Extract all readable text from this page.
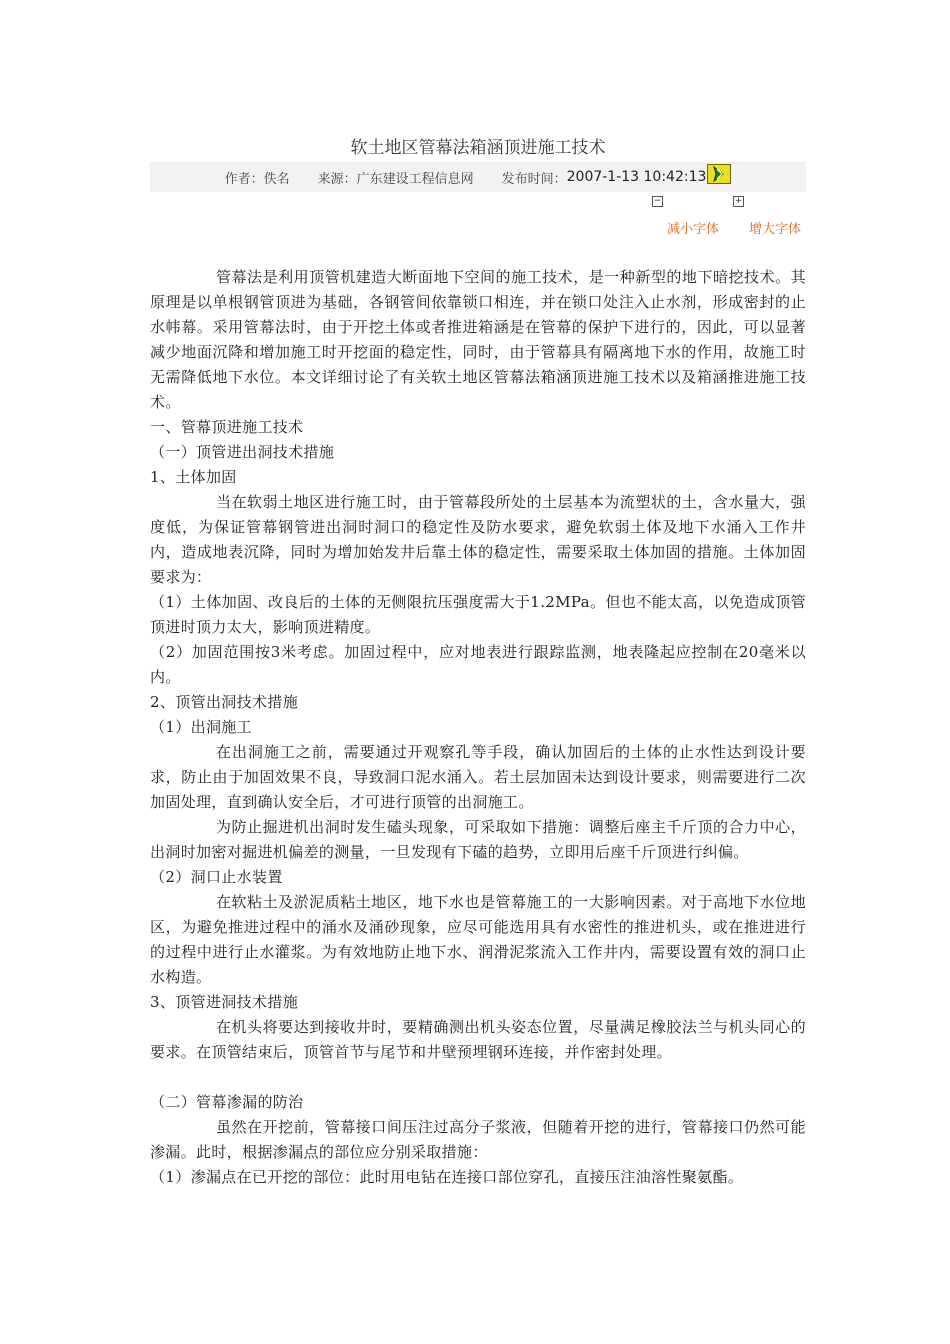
软土地区管幕法箱涵顶进施工技术
作者：佚名 来源：广东建设工程信息网 发布时间： 2007-1-13 10:42:13
−
减小字体
+
增大字体

管幕法是利用顶管机建造大断面地下空间的施工技术，是一种新型的地下暗挖技术。其原理是以单根钢管顶进为基础，各钢管间依靠锁口相连，并在锁口处注入止水剂，形成密封的止水帏幕。采用管幕法时，由于开挖土体或者推进箱涵是在管幕的保护下进行的，因此，可以显著减少地面沉降和增加施工时开挖面的稳定性，同时，由于管幕具有隔离地下水的作用，故施工时无需降低地下水位。本文详细讨论了有关软土地区管幕法箱涵顶进施工技术以及箱涵推进施工技术。

一、管幕顶进施工技术

（一）顶管进出洞技术措施

1、土体加固

当在软弱土地区进行施工时，由于管幕段所处的土层基本为流塑状的土，含水量大，强度低，为保证管幕钢管进出洞时洞口的稳定性及防水要求，避免软弱土体及地下水涌入工作井内，造成地表沉降，同时为增加始发井后靠土体的稳定性，需要采取土体加固的措施。土体加固要求为：

（1）土体加固、改良后的土体的无侧限抗压强度需大于1.2MPa。但也不能太高，以免造成顶管顶进时顶力太大，影响顶进精度。

（2）加固范围按3米考虑。加固过程中，应对地表进行跟踪监测，地表隆起应控制在20毫米以内。

2、顶管出洞技术措施

（1）出洞施工

在出洞施工之前，需要通过开观察孔等手段，确认加固后的土体的止水性达到设计要求，防止由于加固效果不良，导致洞口泥水涌入。若土层加固未达到设计要求，则需要进行二次加固处理，直到确认安全后，才可进行顶管的出洞施工。

为防止掘进机出洞时发生磕头现象，可采取如下措施：调整后座主千斤顶的合力中心，出洞时加密对掘进机偏差的测量，一旦发现有下磕的趋势，立即用后座千斤顶进行纠偏。

（2）洞口止水装置

在软粘土及淤泥质粘土地区，地下水也是管幕施工的一大影响因素。对于高地下水位地区，为避免推进过程中的涌水及涌砂现象，应尽可能选用具有水密性的推进机头，或在推进进行的过程中进行止水灌浆。为有效地防止地下水、润滑泥浆流入工作井内，需要设置有效的洞口止水构造。

3、顶管进洞技术措施

在机头将要达到接收井时，要精确测出机头姿态位置，尽量满足橡胶法兰与机头同心的要求。在顶管结束后，顶管首节与尾节和井壁预埋钢环连接，并作密封处理。

（二）管幕渗漏的防治

虽然在开挖前，管幕接口间压注过高分子浆液，但随着开挖的进行，管幕接口仍然可能渗漏。此时，根据渗漏点的部位应分别采取措施：

（1）渗漏点在已开挖的部位：此时用电钻在连接口部位穿孔，直接压注油溶性聚氨酯。
